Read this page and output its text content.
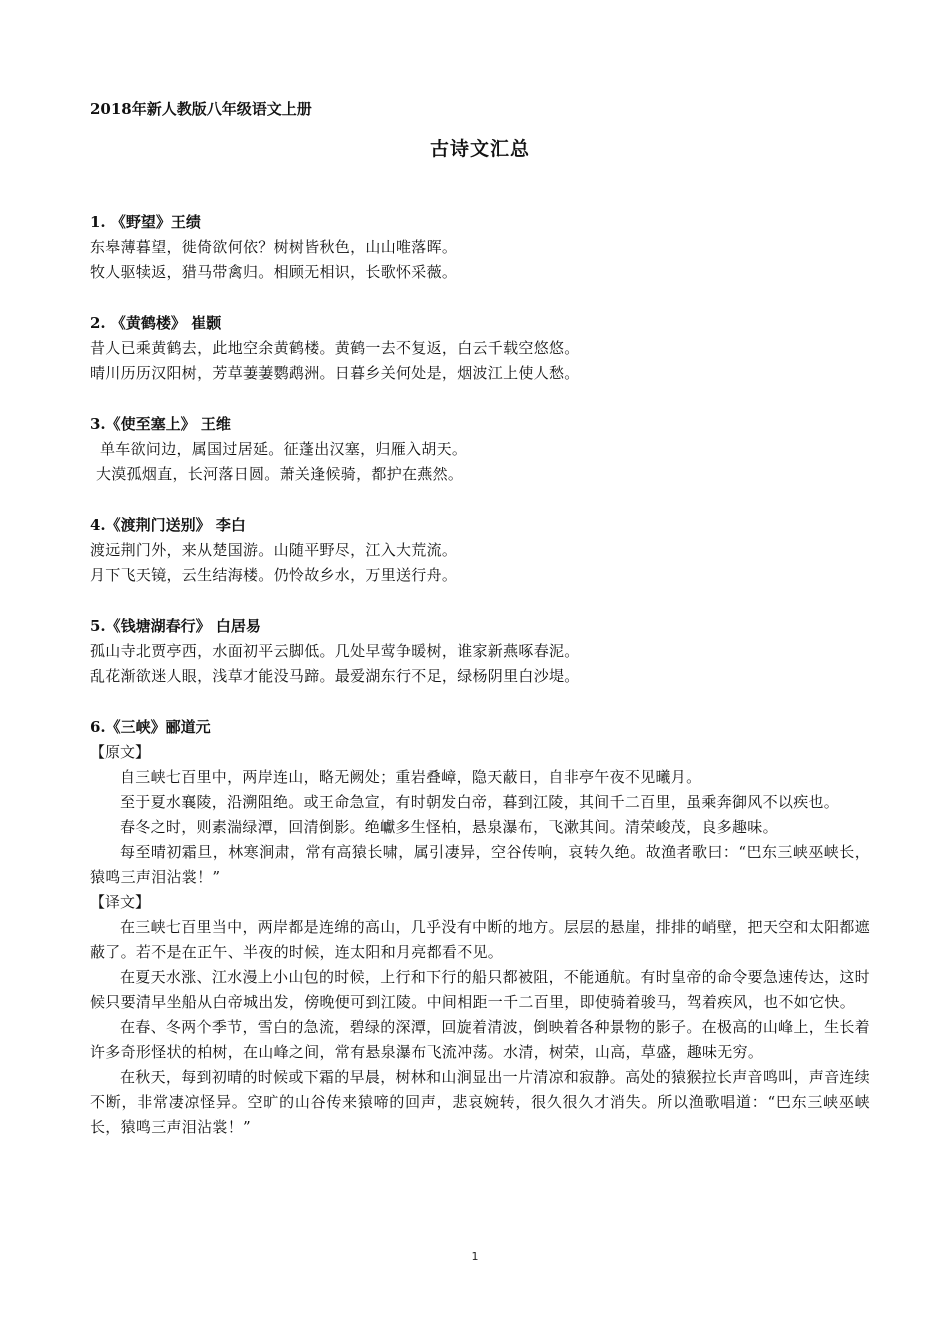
2018年新人教版八年级语文上册
古诗文汇总
1. 《野望》王绩
东皋薄暮望，徙倚欲何依？树树皆秋色，山山唯落晖。
牧人驱犊返，猎马带禽归。相顾无相识，长歌怀采薇。
2. 《黄鹤楼》 崔颢
昔人已乘黄鹤去，此地空余黄鹤楼。黄鹤一去不复返，白云千载空悠悠。
晴川历历汉阳树，芳草萋萋鹦鹉洲。日暮乡关何处是，烟波江上使人愁。
3.《使至塞上》 王维
单车欲问边，属国过居延。征蓬出汉塞，归雁入胡天。
大漠孤烟直，长河落日圆。萧关逢候骑，都护在燕然。
4.《渡荆门送别》 李白
渡远荆门外，来从楚国游。山随平野尽，江入大荒流。
月下飞天镜，云生结海楼。仍怜故乡水，万里送行舟。
5.《钱塘湖春行》 白居易
孤山寺北贾亭西，水面初平云脚低。几处早莺争暖树，谁家新燕啄春泥。
乱花渐欲迷人眼，浅草才能没马蹄。最爱湖东行不足，绿杨阴里白沙堤。
6.《三峡》郦道元
【原文】
自三峡七百里中，两岸连山，略无阙处；重岩叠嶂，隐天蔽日，自非亭午夜不见曦月。
至于夏水襄陵，沿溯阻绝。或王命急宣，有时朝发白帝，暮到江陵，其间千二百里，虽乘奔御风不以疾也。
春冬之时，则素湍绿潭，回清倒影。绝巘多生怪柏，悬泉瀑布，飞漱其间。清荣峻茂，良多趣味。
每至晴初霜旦，林寒涧肃，常有高猿长啸，属引凄异，空谷传响，哀转久绝。故渔者歌曰：“巴东三峡巫峡长，猿鸣三声泪沾裳！”
【译文】
在三峡七百里当中，两岸都是连绵的高山，几乎没有中断的地方。层层的悬崖，排排的峭壁，把天空和太阳都遮蔽了。若不是在正午、半夜的时候，连太阳和月亮都看不见。
在夏天水涨、江水漫上小山包的时候，上行和下行的船只都被阻，不能通航。有时皇帝的命令要急速传达，这时候只要清早坐船从白帝城出发，傍晚便可到江陵。中间相距一千二百里，即使骑着骏马，驾着疾风，也不如它快。
在春、冬两个季节，雪白的急流，碧绿的深潭，回旋着清波，倒映着各种景物的影子。在极高的山峰上，生长着许多奇形怪状的柏树，在山峰之间，常有悬泉瀑布飞流冲荡。水清，树荣，山高，草盛，趣味无穷。
在秋天，每到初晴的时候或下霜的早晨，树林和山涧显出一片清凉和寂静。高处的猿猴拉长声音鸣叫，声音连续不断，非常凄凉怪异。空旷的山谷传来猿啼的回声，悲哀婉转，很久很久才消失。所以渔歌唱道：“巴东三峡巫峡长，猿鸣三声泪沾裳！”
1
